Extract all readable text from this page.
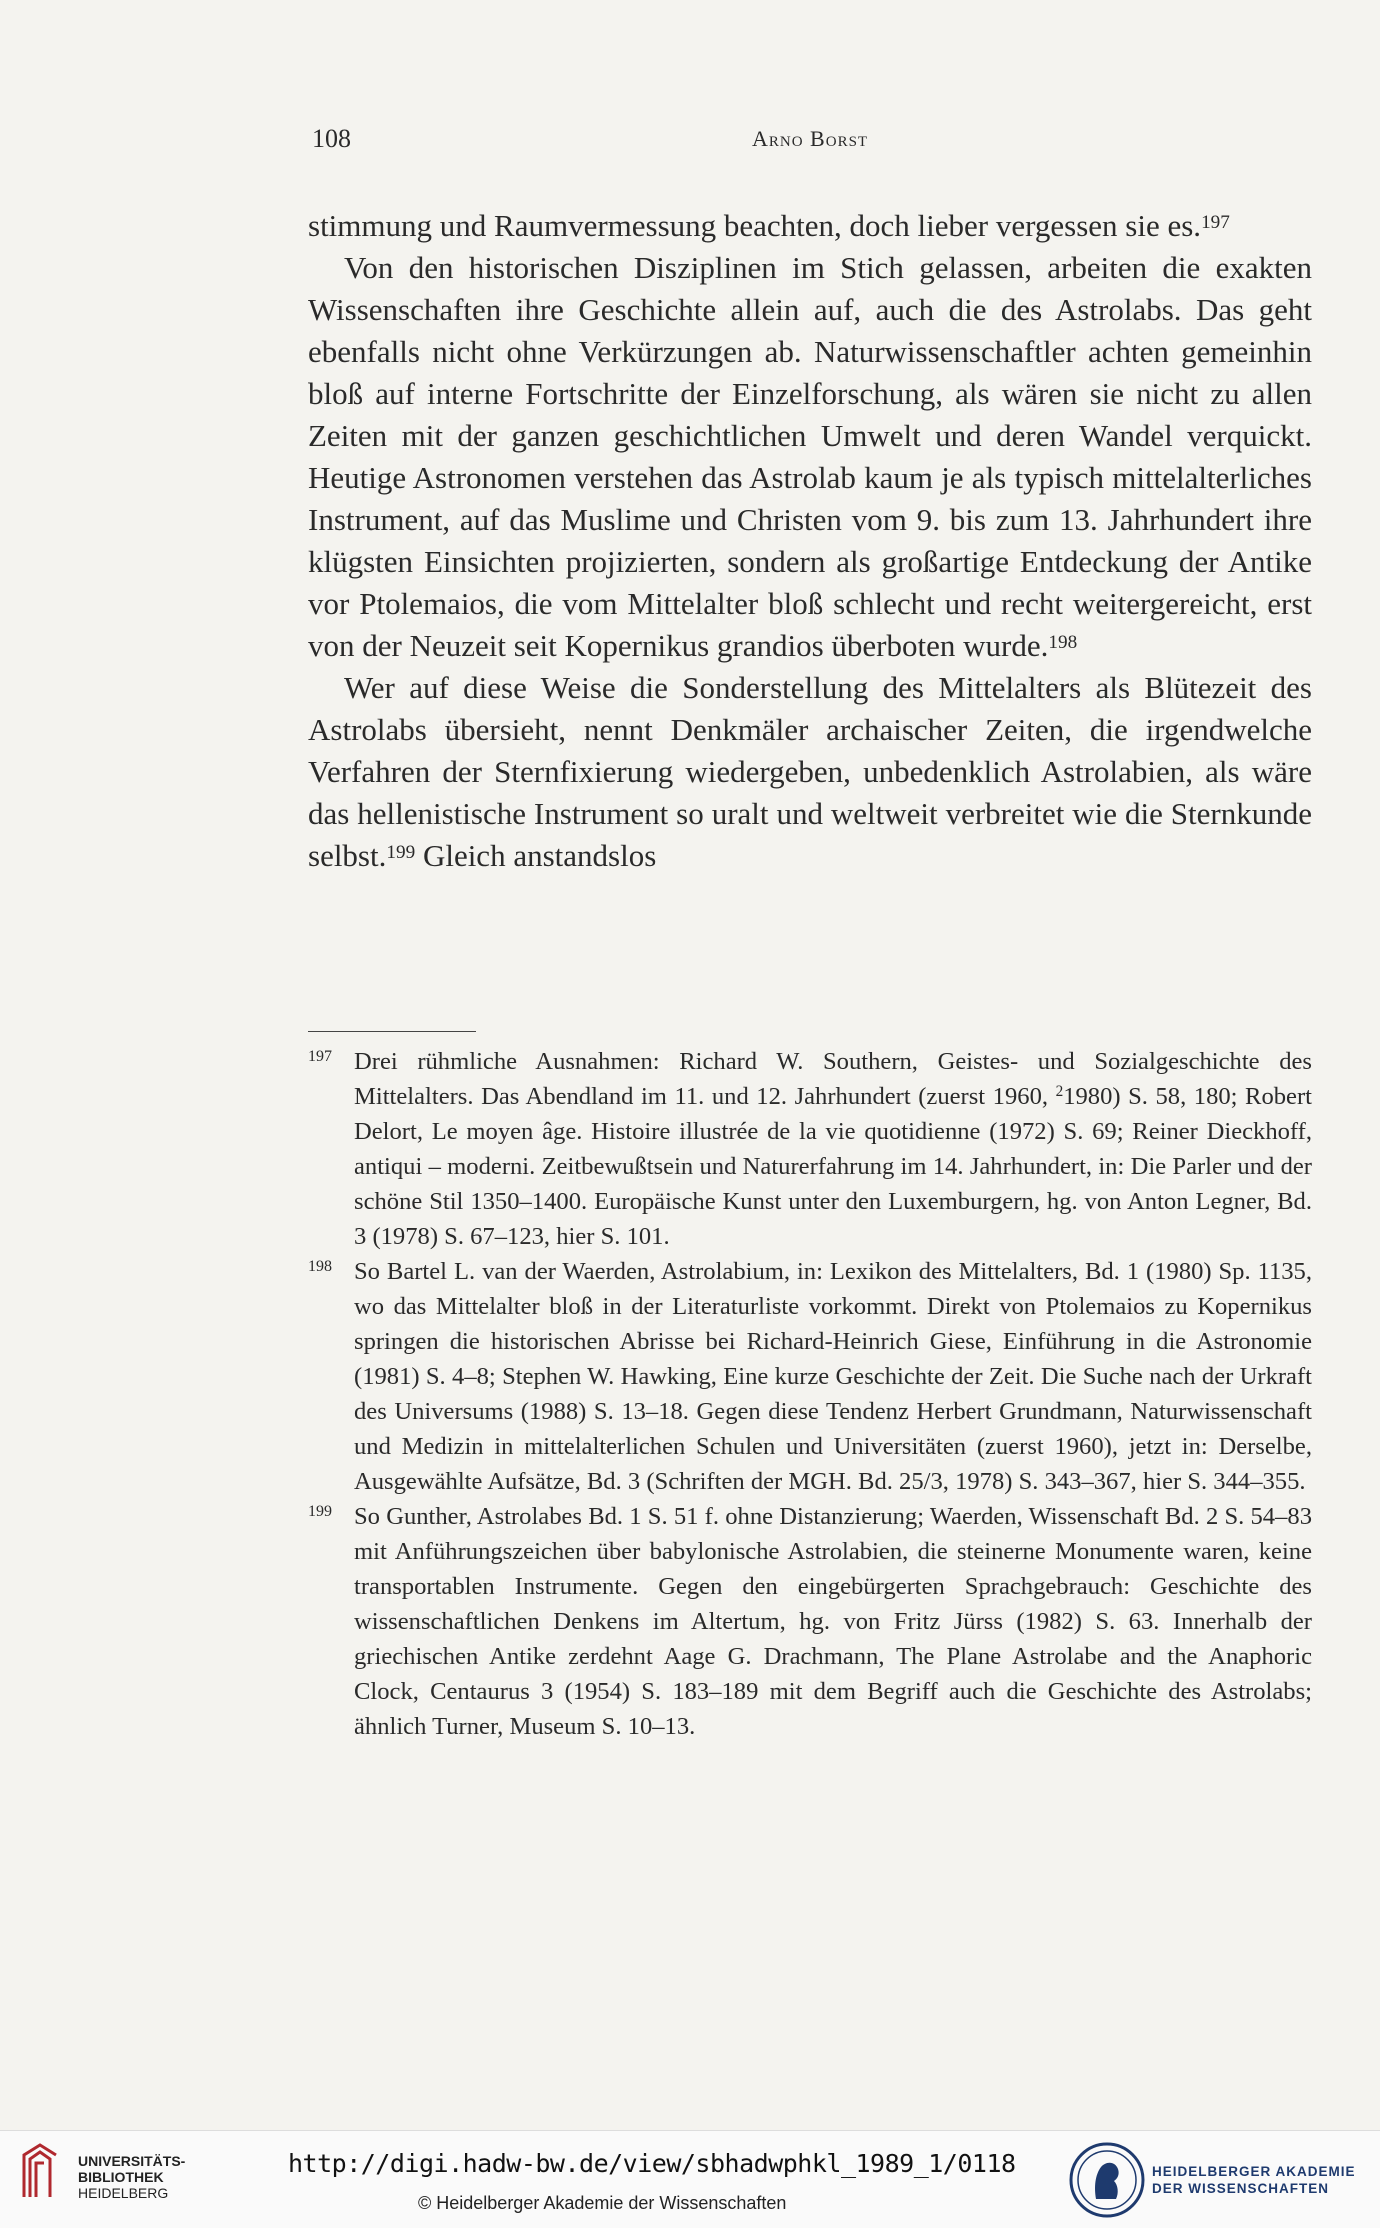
108	Arno Borst

stimmung und Raumvermessung beachten, doch lieber vergessen sie es.$^{197}$

Von den historischen Disziplinen im Stich gelassen, arbeiten die exakten Wissenschaften ihre Geschichte allein auf, auch die des Astrolabs. Das geht ebenfalls nicht ohne Verkürzungen ab. Naturwissenschaftler achten gemeinhin bloß auf interne Fortschritte der Einzelforschung, als wären sie nicht zu allen Zeiten mit der ganzen geschichtlichen Umwelt und deren Wandel verquickt. Heutige Astronomen verstehen das Astrolab kaum je als typisch mittelalterliches Instrument, auf das Muslime und Christen vom 9. bis zum 13. Jahrhundert ihre klügsten Einsichten projizierten, sondern als großartige Entdeckung der Antike vor Ptolemaios, die vom Mittelalter bloß schlecht und recht weitergereicht, erst von der Neuzeit seit Kopernikus grandios überboten wurde.$^{198}$

Wer auf diese Weise die Sonderstellung des Mittelalters als Blütezeit des Astrolabs übersieht, nennt Denkmäler archaischer Zeiten, die irgendwelche Verfahren der Sternfixierung wiedergeben, unbedenklich Astrolabien, als wäre das hellenistische Instrument so uralt und weltweit verbreitet wie die Sternkunde selbst.$^{199}$ Gleich anstandslos

197 Drei rühmliche Ausnahmen: Richard W. Southern, Geistes- und Sozialgeschichte des Mittelalters. Das Abendland im 11. und 12. Jahrhundert (zuerst 1960, $^2$1980) S. 58, 180; Robert Delort, Le moyen âge. Histoire illustrée de la vie quotidienne (1972) S. 69; Reiner Dieckhoff, antiqui – moderni. Zeitbewußtsein und Naturerfahrung im 14. Jahrhundert, in: Die Parler und der schöne Stil 1350–1400. Europäische Kunst unter den Luxemburgern, hg. von Anton Legner, Bd. 3 (1978) S. 67–123, hier S. 101.

198 So Bartel L. van der Waerden, Astrolabium, in: Lexikon des Mittelalters, Bd. 1 (1980) Sp. 1135, wo das Mittelalter bloß in der Literaturliste vorkommt. Direkt von Ptolemaios zu Kopernikus springen die historischen Abrisse bei Richard-Heinrich Giese, Einführung in die Astronomie (1981) S. 4–8; Stephen W. Hawking, Eine kurze Geschichte der Zeit. Die Suche nach der Urkraft des Universums (1988) S. 13–18. Gegen diese Tendenz Herbert Grundmann, Naturwissenschaft und Medizin in mittelalterlichen Schulen und Universitäten (zuerst 1960), jetzt in: Derselbe, Ausgewählte Aufsätze, Bd. 3 (Schriften der MGH. Bd. 25/3, 1978) S. 343–367, hier S. 344–355.

199 So Gunther, Astrolabes Bd. 1 S. 51 f. ohne Distanzierung; Waerden, Wissenschaft Bd. 2 S. 54–83 mit Anführungszeichen über babylonische Astrolabien, die steinerne Monumente waren, keine transportablen Instrumente. Gegen den eingebürgerten Sprachgebrauch: Geschichte des wissenschaftlichen Denkens im Altertum, hg. von Fritz Jürss (1982) S. 63. Innerhalb der griechischen Antike zerdehnt Aage G. Drachmann, The Plane Astrolabe and the Anaphoric Clock, Centaurus 3 (1954) S. 183–189 mit dem Begriff auch die Geschichte des Astrolabs; ähnlich Turner, Museum S. 10–13.

UNIVERSITÄTS-
BIBLIOTHEK
HEIDELBERG
http://digi.hadw-bw.de/view/sbhadwphkl_1989_1/0118
© Heidelberger Akademie der Wissenschaften
HEIDELBERGER AKADEMIE
DER WISSENSCHAFTEN
